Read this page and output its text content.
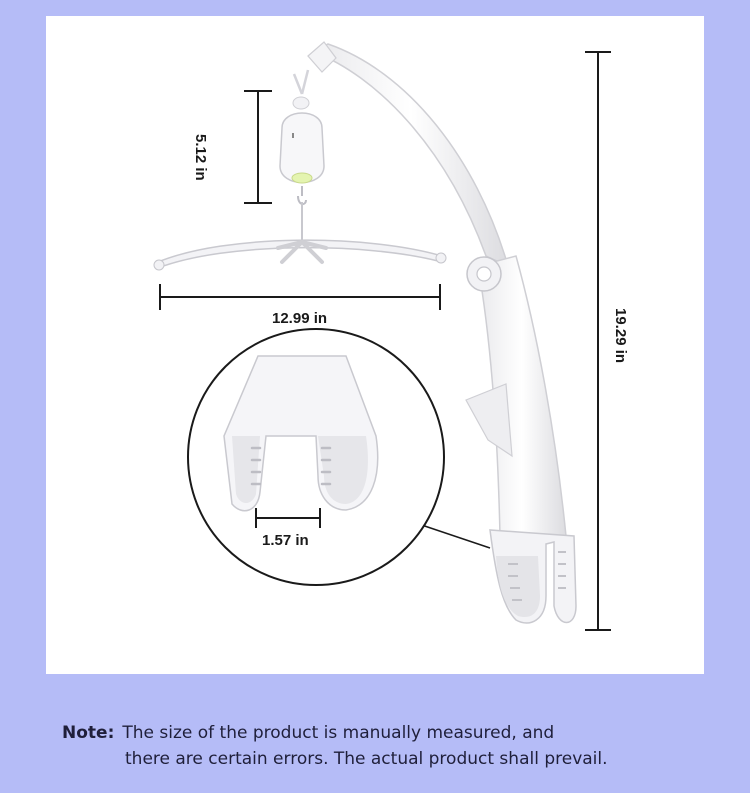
5.12 in
12.99 in	19.29 in
1.57 in
Note: The size of the product is manually measured, and
there are certain errors. The actual product shall prevail.
